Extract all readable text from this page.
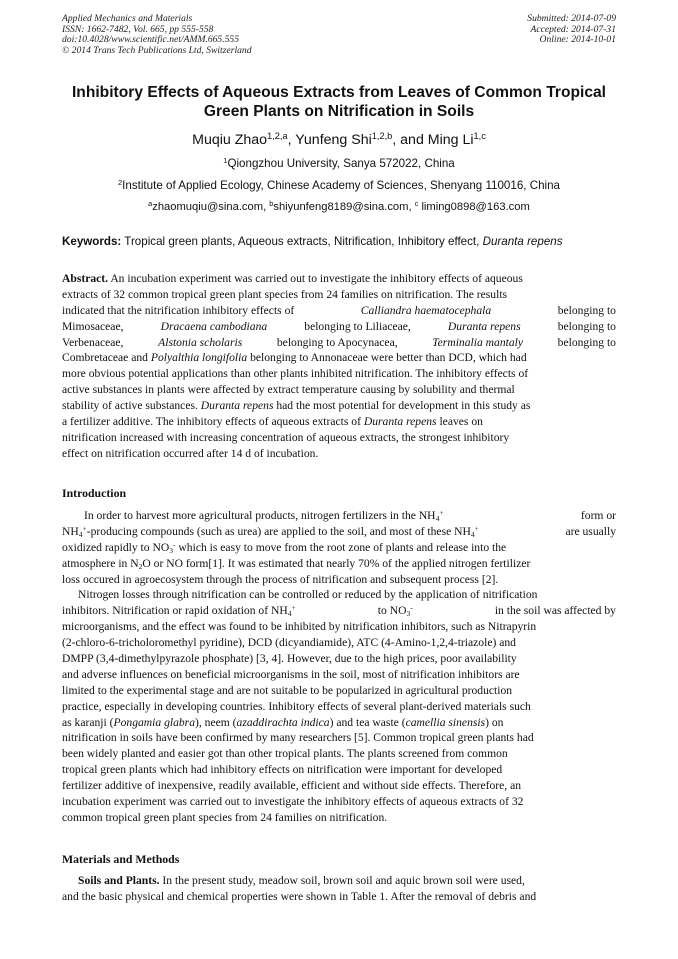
Applied Mechanics and Materials
ISSN: 1662-7482, Vol. 665, pp 555-558
doi:10.4028/www.scientific.net/AMM.665.555
© 2014 Trans Tech Publications Ltd, Switzerland
Submitted: 2014-07-09
Accepted: 2014-07-31
Online: 2014-10-01
Inhibitory Effects of Aqueous Extracts from Leaves of Common Tropical
Green Plants on Nitrification in Soils
Muqiu Zhao$^{1,2,a}$, Yunfeng Shi$^{1,2,b}$, and Ming Li$^{1,c}$
$^1$Qiongzhou University, Sanya 572022, China
$^2$Institute of Applied Ecology, Chinese Academy of Sciences, Shenyang 110016, China
$^a$zhaomuqiu@sina.com, $^b$shiyunfeng8189@sina.com, $^c$ liming0898@163.com
Keywords: Tropical green plants, Aqueous extracts, Nitrification, Inhibitory effect, Duranta repens
Abstract. An incubation experiment was carried out to investigate the inhibitory effects of aqueous
extracts of 32 common tropical green plant species from 24 families on nitrification. The results
indicated that the nitrification inhibitory effects of	Calliandra haematocephala	belonging to
Mimosaceae,	Dracaena cambodiana	belonging to Liliaceae,	Duranta repens	belonging to
Verbenaceae,	Alstonia scholaris	belonging to Apocynacea,	Terminalia mantaly	belonging to
Combretaceae and Polyalthia longifolia belonging to Annonaceae were better than DCD, which had
more obvious potential applications than other plants inhibited nitrification. The inhibitory effects of
active substances in plants were affected by extract temperature causing by solubility and thermal
stability of active substances. Duranta repens had the most potential for development in this study as
a fertilizer additive. The inhibitory effects of aqueous extracts of Duranta repens leaves on
nitrification increased with increasing concentration of aqueous extracts, the strongest inhibitory
effect on nitrification occurred after 14 d of incubation.
Introduction
In order to harvest more agricultural products, nitrogen fertilizers in the $NH_4^+$	form or
$NH_4^+$-producing compounds (such as urea) are applied to the soil, and most of these $NH_4^+$	are usually
oxidized rapidly to $NO_3^-$ which is easy to move from the root zone of plants and release into the
atmosphere in $N_2O$ or NO form[1]. It was estimated that nearly 70% of the applied nitrogen fertilizer
loss occured in agroecosystem through the process of nitrification and subsequent process [2].
Nitrogen losses through nitrification can be controlled or reduced by the application of nitrification
inhibitors. Nitrification or rapid oxidation of $NH_4^+$	to $NO_3^-$	in the soil was affected by
microorganisms, and the effect was found to be inhibited by nitrification inhibitors, such as Nitrapyrin
(2-chloro-6-tricholoromethyl pyridine), DCD (dicyandiamide), ATC (4-Amino-1,2,4-triazole) and
DMPP (3,4-dimethylpyrazole phosphate) [3, 4]. However, due to the high prices, poor availability
and adverse influences on beneficial microorganisms in the soil, most of nitrification inhibitors are
limited to the experimental stage and are not suitable to be popularized in agricultural production
practice, especially in developing countries. Inhibitory effects of several plant-derived materials such
as karanji (Pongamia glabra), neem (azaddirachta indica) and tea waste (camellia sinensis) on
nitrification in soils have been confirmed by many researchers [5]. Common tropical green plants had
been widely planted and easier got than other tropical plants. The plants screened from common
tropical green plants which had inhibitory effects on nitrification were important for developed
fertilizer additive of inexpensive, readily available, efficient and without side effects. Therefore, an
incubation experiment was carried out to investigate the inhibitory effects of aqueous extracts of 32
common tropical green plant species from 24 families on nitrification.
Materials and Methods
Soils and Plants. In the present study, meadow soil, brown soil and aquic brown soil were used,
and the basic physical and chemical properties were shown in Table 1. After the removal of debris and
